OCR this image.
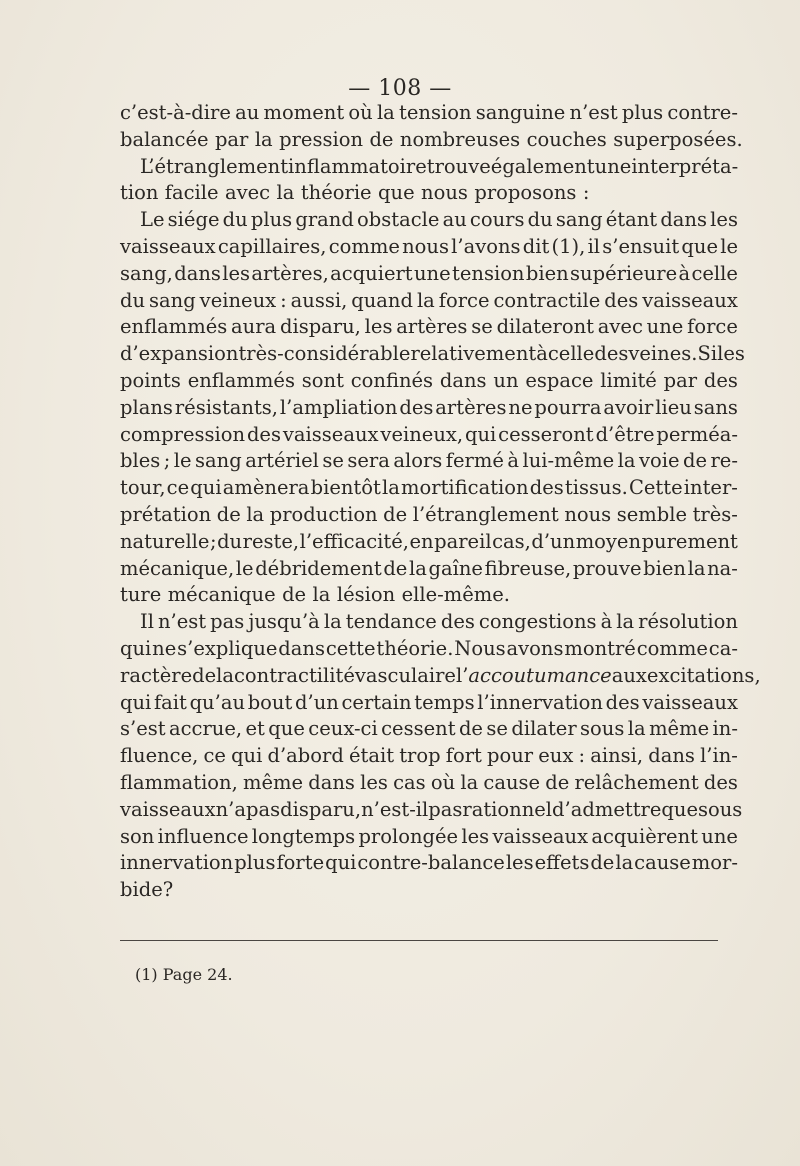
— 108 —
c’est-à-dire au moment où la tension sanguine n’est plus contre-
balancée par la pression de nombreuses couches superposées.
L’étranglement inflammatoire trouve également une interpréta-
tion facile avec la théorie que nous proposons :
Le siége du plus grand obstacle au cours du sang étant dans les
vaisseaux capillaires, comme nous l’avons dit (1), il s’ensuit que le
sang, dans les artères, acquiert une tension bien supérieure à celle
du sang veineux : aussi, quand la force contractile des vaisseaux
enflammés aura disparu, les artères se dilateront avec une force
d’expansion très-considérable relativement à celle des veines. Si les
points enflammés sont confinés dans un espace limité par des
plans résistants, l’ampliation des artères ne pourra avoir lieu sans
compression des vaisseaux veineux, qui cesseront d’être perméa-
bles ; le sang artériel se sera alors fermé à lui-même la voie de re-
tour, ce qui amènera bientôt la mortification des tissus. Cette inter-
prétation de la production de l’étranglement nous semble très-
naturelle ; du reste, l’efficacité, en pareil cas, d’un moyen purement
mécanique, le débridement de la gaîne fibreuse, prouve bien la na-
ture mécanique de la lésion elle-même.
Il n’est pas jusqu’à la tendance des congestions à la résolution
qui ne s’explique dans cette théorie. Nous avons montré comme ca-
ractère de la contractilité vasculaire l’accoutumance aux excitations,
qui fait qu’au bout d’un certain temps l’innervation des vaisseaux
s’est accrue, et que ceux-ci cessent de se dilater sous la même in-
fluence, ce qui d’abord était trop fort pour eux : ainsi, dans l’in-
flammation, même dans les cas où la cause de relâchement des
vaisseaux n’a pas disparu, n’est-il pas rationnel d’admettre que sous
son influence longtemps prolongée les vaisseaux acquièrent une
innervation plus forte qui contre-balance les effets de la cause mor-
bide?
(1) Page 24.
